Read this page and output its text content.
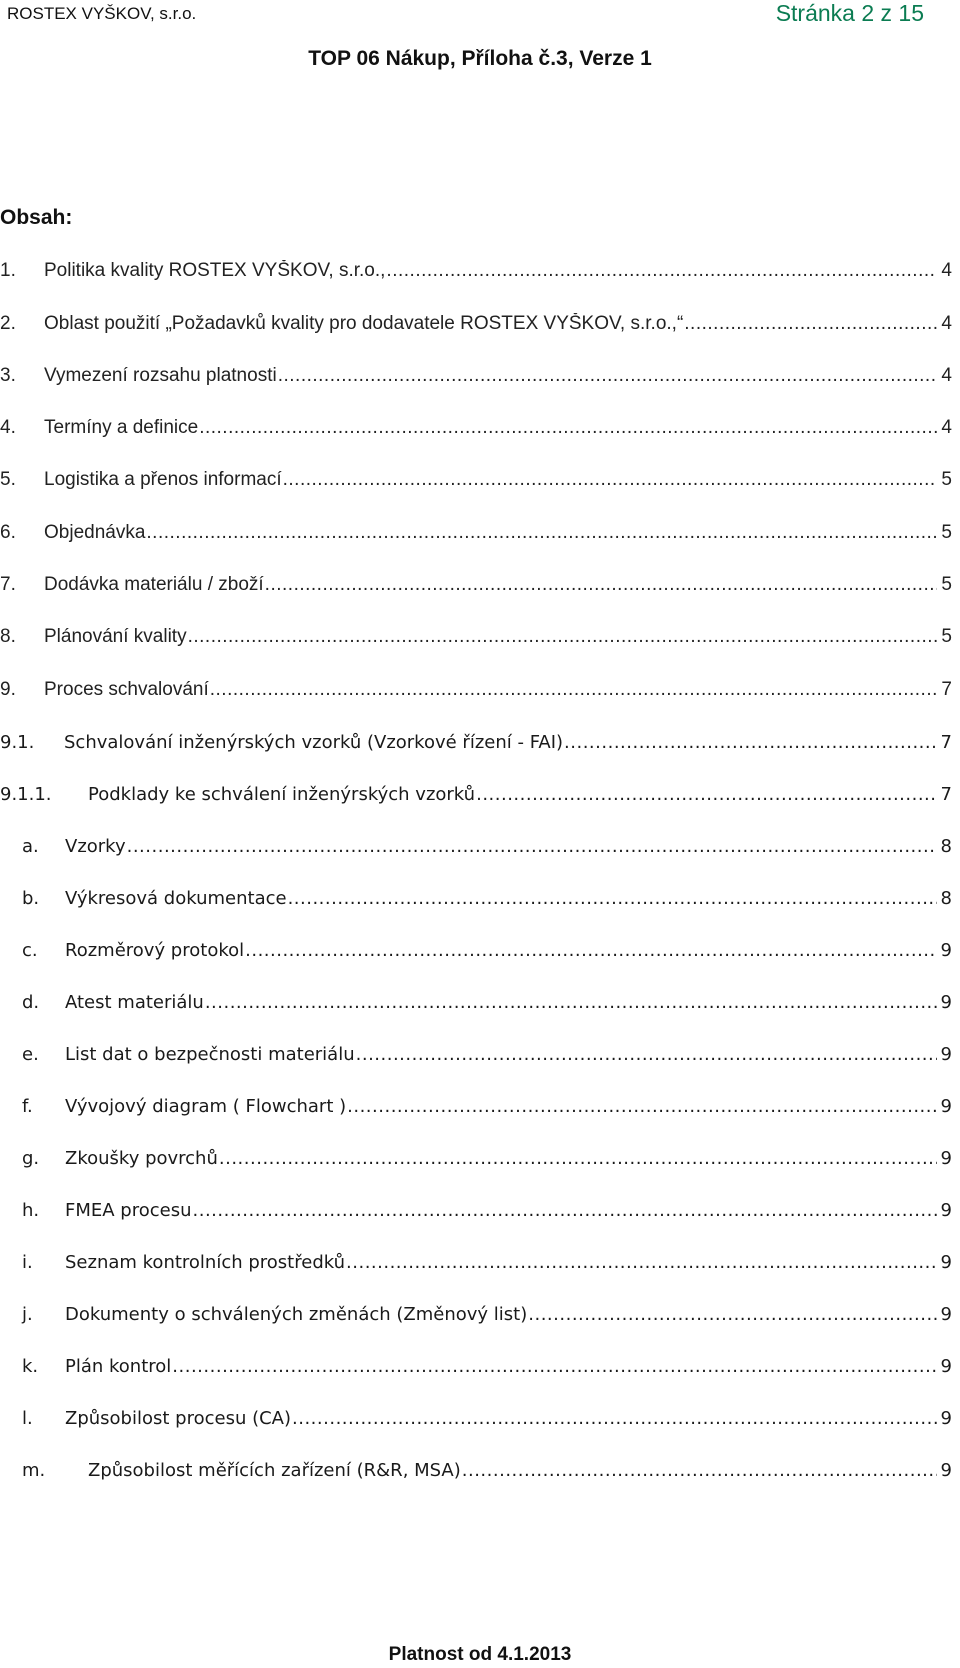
ROSTEX VYŠKOV, s.r.o.	Stránka 2 z 15
TOP 06 Nákup, Příloha č.3, Verze 1
Obsah:
1. Politika kvality ROSTEX VYŠKOV, s.r.o., .....	4
2. Oblast použití „Požadavků kvality pro dodavatele ROSTEX VYŠKOV, s.r.o.,“ .....	4
3. Vymezení rozsahu platnosti .....	4
4. Termíny a definice .....	4
5. Logistika a přenos informací .....	5
6. Objednávka .....	5
7. Dodávka materiálu / zboží .....	5
8. Plánování kvality .....	5
9. Proces schvalování .....	7
9.1. Schvalování inženýrských vzorků (Vzorkové řízení - FAI) .....	7
9.1.1. Podklady ke schválení inženýrských vzorků .....	7
a. Vzorky .....	8
b. Výkresová dokumentace .....	8
c. Rozměrový protokol .....	9
d. Atest materiálu .....	9
e. List dat o bezpečnosti materiálu .....	9
f. Vývojový diagram ( Flowchart ) .....	9
g. Zkoušky povrchů .....	9
h. FMEA procesu .....	9
i. Seznam kontrolních prostředků .....	9
j. Dokumenty o schválených změnách (Změnový list) .....	9
k. Plán kontrol .....	9
l. Způsobilost procesu (CA) .....	9
m. Způsobilost měřících zařízení (R&R, MSA) .....	9
Platnost od 4.1.2013
